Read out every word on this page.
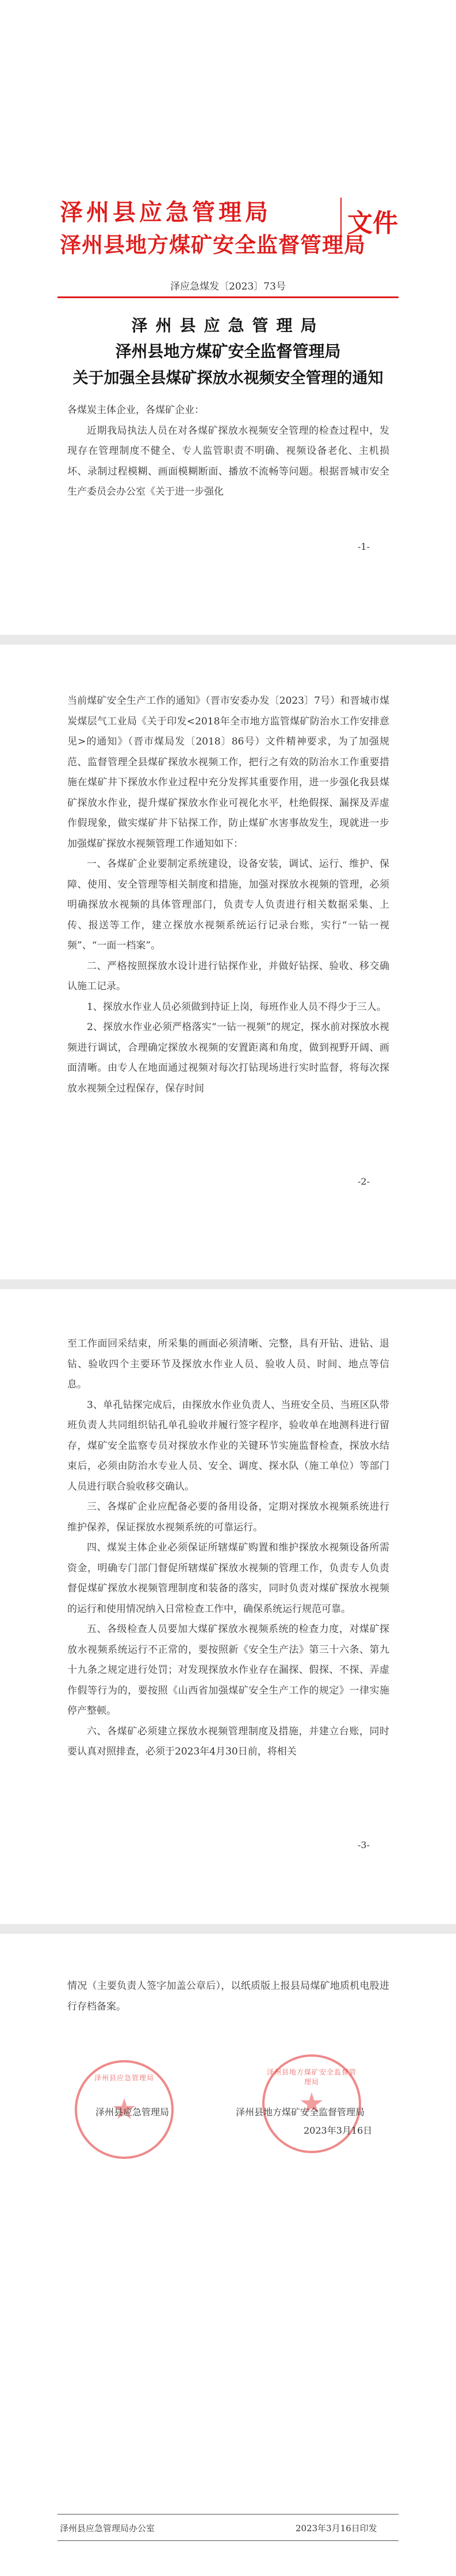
泽州县应急管理局
泽州县地方煤矿安全监督管理局
文件
泽应急煤发〔2023〕73号
泽州县应急管理局
泽州县地方煤矿安全监督管理局
关于加强全县煤矿探放水视频安全管理的通知

各煤炭主体企业，各煤矿企业：

近期我局执法人员在对各煤矿探放水视频安全管理的检查过程中，发现存在管理制度不健全、专人监管职责不明确、视频设备老化、主机损坏、录制过程模糊、画面模糊断面、播放不流畅等问题。根据晋城市安全生产委员会办公室《关于进一步强化

-1-

当前煤矿安全生产工作的通知》（晋市安委办发〔2023〕7号）和晋城市煤炭煤层气工业局《关于印发<2018年全市地方监管煤矿防治水工作安排意见>的通知》（晋市煤局发〔2018〕86号）文件精神要求，为了加强规范、监督管理全县煤矿探放水视频工作，把行之有效的防治水工作重要措施在煤矿井下探放水作业过程中充分发挥其重要作用，进一步强化我县煤矿探放水作业，提升煤矿探放水作业可视化水平，杜绝假探、漏探及弄虚作假现象，做实煤矿井下钻探工作，防止煤矿水害事故发生，现就进一步加强煤矿探放水视频管理工作通知如下：

一、各煤矿企业要制定系统建设，设备安装，调试、运行、维护、保障、使用、安全管理等相关制度和措施，加强对探放水视频的管理，必须明确探放水视频的具体管理部门，负责专人负责进行相关数据采集、上传、报送等工作，建立探放水视频系统运行记录台账，实行“一钻一视频”、“一面一档案”。

二、严格按照探放水设计进行钻探作业，并做好钻探、验收、移交确认施工记录。

1、探放水作业人员必须做到持证上岗，每班作业人员不得少于三人。

2、探放水作业必须严格落实“一钻一视频”的规定，探水前对探放水视频进行调试，合理确定探放水视频的安置距离和角度，做到视野开阔、画面清晰。由专人在地面通过视频对每次打钻现场进行实时监督，将每次探放水视频全过程保存，保存时间

-2-

至工作面回采结束，所采集的画面必须清晰、完整，具有开钻、进钻、退钻、验收四个主要环节及探放水作业人员、验收人员、时间、地点等信息。

3、单孔钻探完成后，由探放水作业负责人、当班安全员、当班区队带班负责人共同组织钻孔单孔验收并履行签字程序，验收单在地测科进行留存，煤矿安全监察专员对探放水作业的关键环节实施监督检查，探放水结束后，必须由防治水专业人员、安全、调度、探水队（施工单位）等部门人员进行联合验收移交确认。

三、各煤矿企业应配备必要的备用设备，定期对探放水视频系统进行维护保养，保证探放水视频系统的可靠运行。

四、煤炭主体企业必须保证所辖煤矿购置和维护探放水视频设备所需资金，明确专门部门督促所辖煤矿探放水视频的管理工作，负责专人负责督促煤矿探放水视频管理制度和装备的落实，同时负责对煤矿探放水视频的运行和使用情况纳入日常检查工作中，确保系统运行规范可靠。

五、各级检查人员要加大煤矿探放水视频系统的检查力度，对煤矿探放水视频系统运行不正常的，要按照新《安全生产法》第三十六条、第九十九条之规定进行处罚；对发现探放水作业存在漏探、假探、不探、弄虚作假等行为的，要按照《山西省加强煤矿安全生产工作的规定》一律实施停产整顿。

六、各煤矿必须建立探放水视频管理制度及措施，并建立台账，同时要认真对照排查，必须于2023年4月30日前，将相关

-3-

情况（主要负责人签字加盖公章后），以纸质版上报县局煤矿地质机电股进行存档备案。

泽州县应急管理局
泽州县地方煤矿安全监督管理局
泽州县应急管理局	泽州县地方煤矿安全监督管理局
2023年3月16日
泽州县应急管理局办公室	2023年3月16日印发
